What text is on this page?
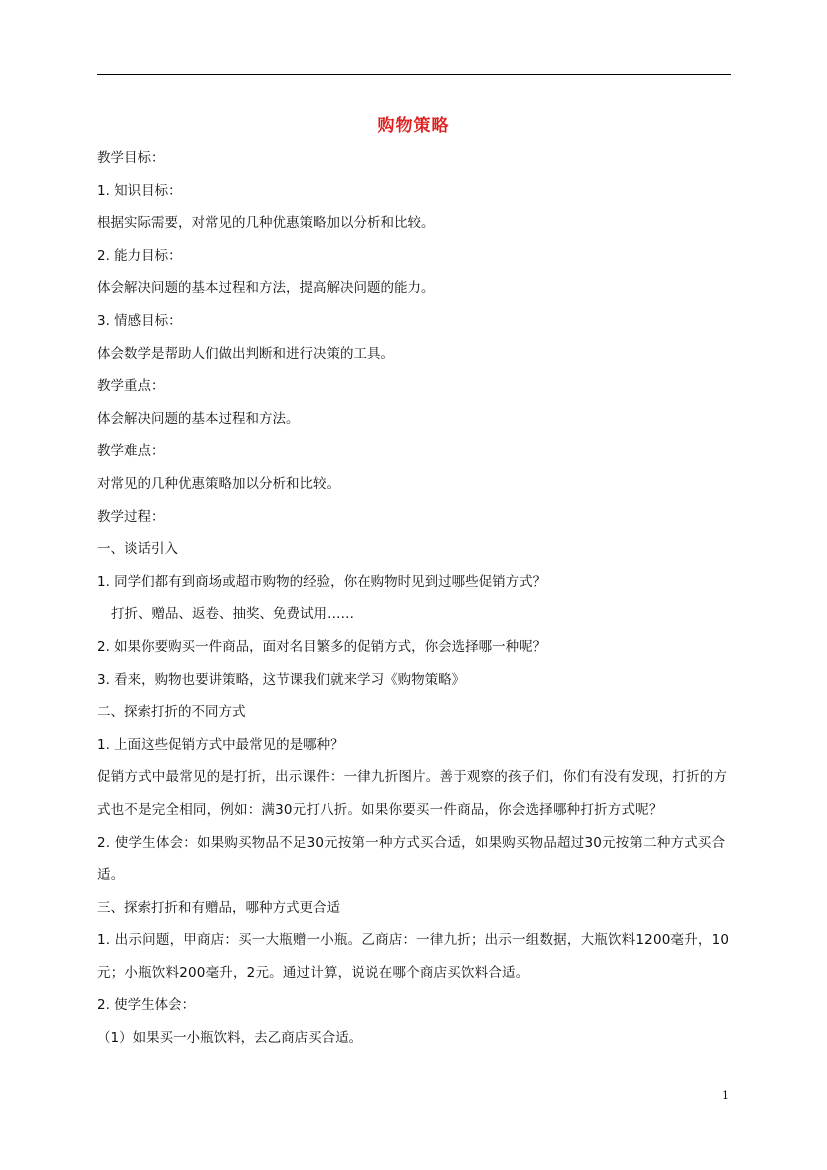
购物策略
教学目标：
1. 知识目标：
根据实际需要，对常见的几种优惠策略加以分析和比较。
2. 能力目标：
体会解决问题的基本过程和方法，提高解决问题的能力。
3. 情感目标：
体会数学是帮助人们做出判断和进行决策的工具。
教学重点：
体会解决问题的基本过程和方法。
教学难点：
对常见的几种优惠策略加以分析和比较。
教学过程：
一、谈话引入
1. 同学们都有到商场或超市购物的经验，你在购物时见到过哪些促销方式？
打折、赠品、返卷、抽奖、免费试用……
2. 如果你要购买一件商品，面对名目繁多的促销方式，你会选择哪一种呢？
3. 看来，购物也要讲策略，这节课我们就来学习《购物策略》
二、探索打折的不同方式
1. 上面这些促销方式中最常见的是哪种？
促销方式中最常见的是打折，出示课件：一律九折图片。善于观察的孩子们，你们有没有发现，打折的方式也不是完全相同，例如：满30元打八折。如果你要买一件商品，你会选择哪种打折方式呢？
2. 使学生体会：如果购买物品不足30元按第一种方式买合适，如果购买物品超过30元按第二种方式买合适。
三、探索打折和有赠品，哪种方式更合适
1. 出示问题，甲商店：买一大瓶赠一小瓶。乙商店：一律九折；出示一组数据，大瓶饮料1200毫升，10元；小瓶饮料200毫升，2元。通过计算，说说在哪个商店买饮料合适。
2. 使学生体会：
（1）如果买一小瓶饮料，去乙商店买合适。
1
